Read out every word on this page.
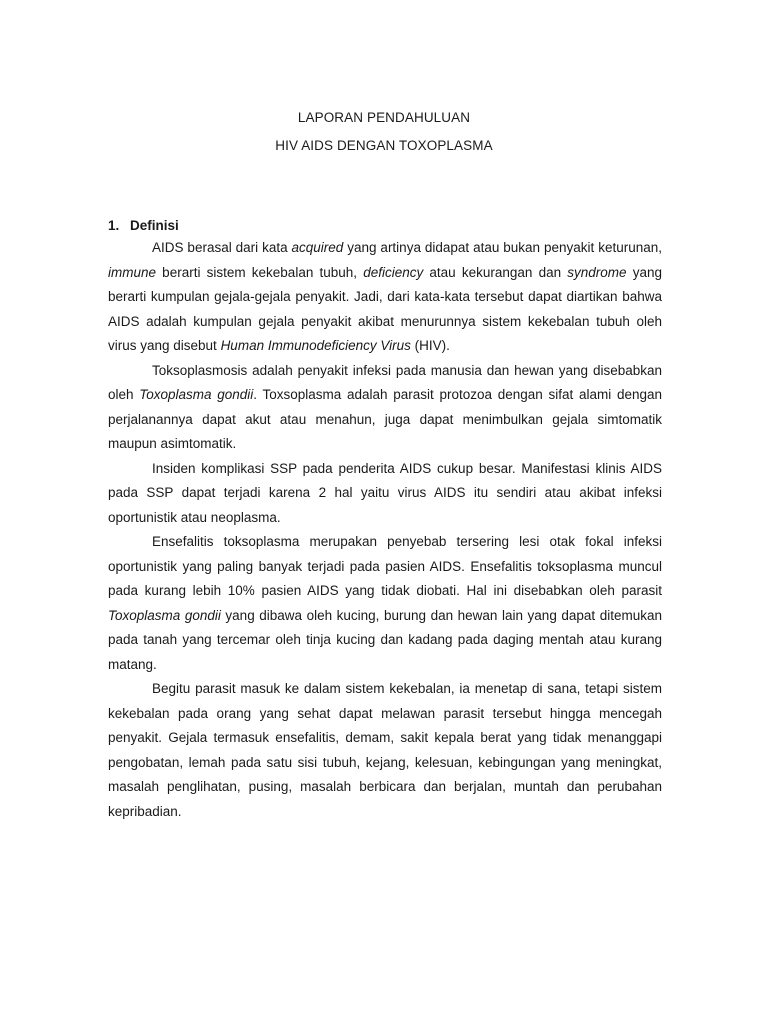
LAPORAN PENDAHULUAN
HIV AIDS DENGAN TOXOPLASMA
1. Definisi

AIDS berasal dari kata acquired yang artinya didapat atau bukan penyakit keturunan, immune berarti sistem kekebalan tubuh, deficiency atau kekurangan dan syndrome yang berarti kumpulan gejala-gejala penyakit. Jadi, dari kata-kata tersebut dapat diartikan bahwa AIDS adalah kumpulan gejala penyakit akibat menurunnya sistem kekebalan tubuh oleh virus yang disebut Human Immunodeficiency Virus (HIV).

Toksoplasmosis adalah penyakit infeksi pada manusia dan hewan yang disebabkan oleh Toxoplasma gondii. Toxsoplasma adalah parasit protozoa dengan sifat alami dengan perjalanannya dapat akut atau menahun, juga dapat menimbulkan gejala simtomatik maupun asimtomatik.

Insiden komplikasi SSP pada penderita AIDS cukup besar. Manifestasi klinis AIDS pada SSP dapat terjadi karena 2 hal yaitu virus AIDS itu sendiri atau akibat infeksi oportunistik atau neoplasma.

Ensefalitis toksoplasma merupakan penyebab tersering lesi otak fokal infeksi oportunistik yang paling banyak terjadi pada pasien AIDS. Ensefalitis toksoplasma muncul pada kurang lebih 10% pasien AIDS yang tidak diobati. Hal ini disebabkan oleh parasit Toxoplasma gondii yang dibawa oleh kucing, burung dan hewan lain yang dapat ditemukan pada tanah yang tercemar oleh tinja kucing dan kadang pada daging mentah atau kurang matang.

Begitu parasit masuk ke dalam sistem kekebalan, ia menetap di sana, tetapi sistem kekebalan pada orang yang sehat dapat melawan parasit tersebut hingga mencegah penyakit. Gejala termasuk ensefalitis, demam, sakit kepala berat yang tidak menanggapi pengobatan, lemah pada satu sisi tubuh, kejang, kelesuan, kebingungan yang meningkat, masalah penglihatan, pusing, masalah berbicara dan berjalan, muntah dan perubahan kepribadian.
